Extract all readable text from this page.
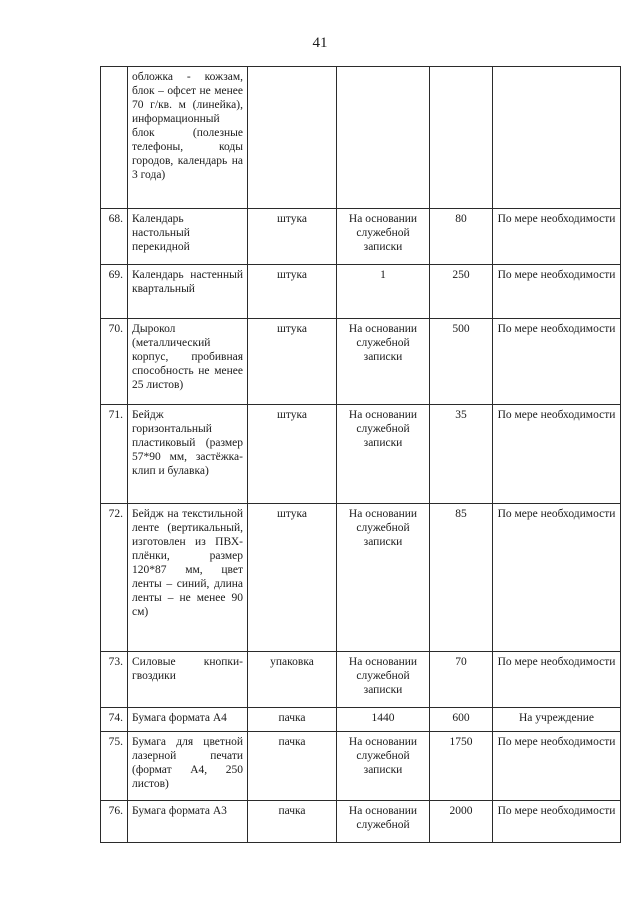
41
	обложка - кожзам, блок – офсет не менее 70 г/кв. м (линейка), информационный блок (полезные телефоны, коды городов, календарь на 3 года)				
68.	Календарь настольный перекидной	штука	На основании служебной записки	80	По мере необходимости
69.	Календарь настенный квартальный	штука	1	250	По мере необходимости
70.	Дырокол (металлический корпус, пробивная способность не менее 25 листов)	штука	На основании служебной записки	500	По мере необходимости
71.	Бейдж горизонтальный пластиковый (размер 57*90 мм, застёжка-клип и булавка)	штука	На основании служебной записки	35	По мере необходимости
72.	Бейдж на текстильной ленте (вертикальный, изготовлен из ПВХ-плёнки, размер 120*87 мм, цвет ленты – синий, длина ленты – не менее 90 см)	штука	На основании служебной записки	85	По мере необходимости
73.	Силовые кнопки-гвоздики	упаковка	На основании служебной записки	70	По мере необходимости
74.	Бумага формата А4	пачка	1440	600	На учреждение
75.	Бумага для цветной лазерной печати (формат А4, 250 листов)	пачка	На основании служебной записки	1750	По мере необходимости
76.	Бумага формата А3	пачка	На основании служебной	2000	По мере необходимости
